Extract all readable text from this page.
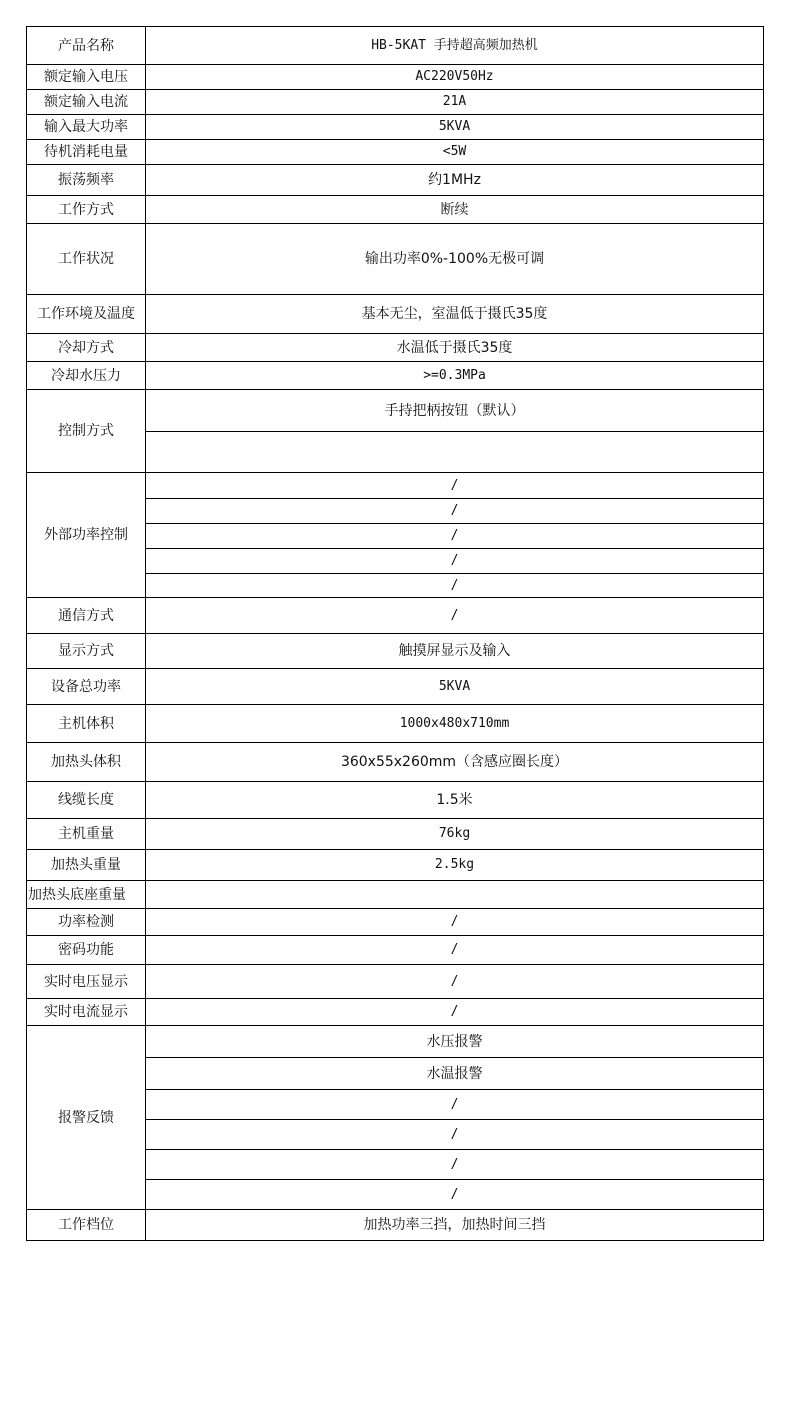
产品名称	HB-5KAT 手持超高频加热机
额定输入电压	AC220V50Hz
额定输入电流	21A
输入最大功率	5KVA
待机消耗电量	<5W
振荡频率	约1MHz
工作方式	断续
工作状况	输出功率0%-100%无极可调
工作环境及温度	基本无尘，室温低于摄氏35度
冷却方式	水温低于摄氏35度
冷却水压力	>=0.3MPa
控制方式	手持把柄按钮（默认）

外部功率控制	/
	/
	/
	/
	/
通信方式	/
显示方式	触摸屏显示及输入
设备总功率	5KVA
主机体积	1000x480x710mm
加热头体积	360x55x260mm（含感应圈长度）
线缆长度	1.5米
主机重量	76kg
加热头重量	2.5kg
加热头底座重量	
功率检测	/
密码功能	/
实时电压显示	/
实时电流显示	/
报警反馈	水压报警
	水温报警
	/
	/
	/
	/
工作档位	加热功率三挡，加热时间三挡
